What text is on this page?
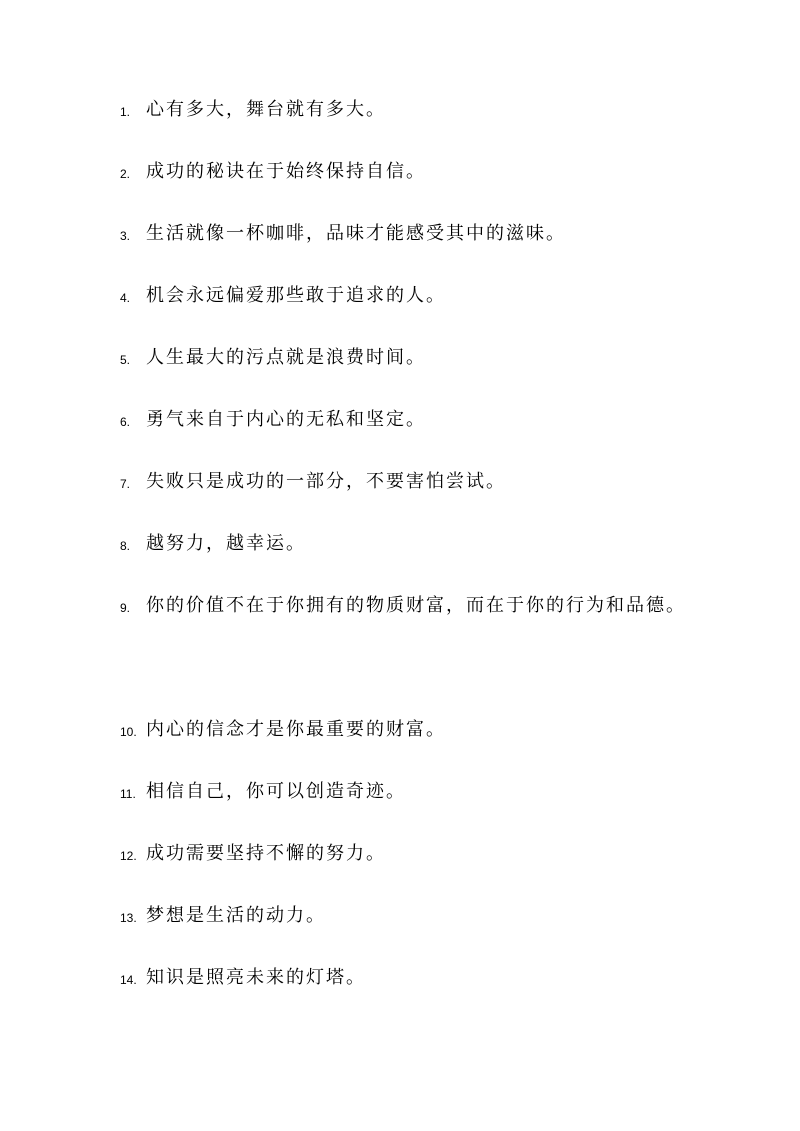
1. 心有多大，舞台就有多大。
2. 成功的秘诀在于始终保持自信。
3. 生活就像一杯咖啡，品味才能感受其中的滋味。
4. 机会永远偏爱那些敢于追求的人。
5. 人生最大的污点就是浪费时间。
6. 勇气来自于内心的无私和坚定。
7. 失败只是成功的一部分，不要害怕尝试。
8. 越努力，越幸运。
9. 你的价值不在于你拥有的物质财富，而在于你的行为和品德。
10. 内心的信念才是你最重要的财富。
11. 相信自己，你可以创造奇迹。
12. 成功需要坚持不懈的努力。
13. 梦想是生活的动力。
14. 知识是照亮未来的灯塔。
